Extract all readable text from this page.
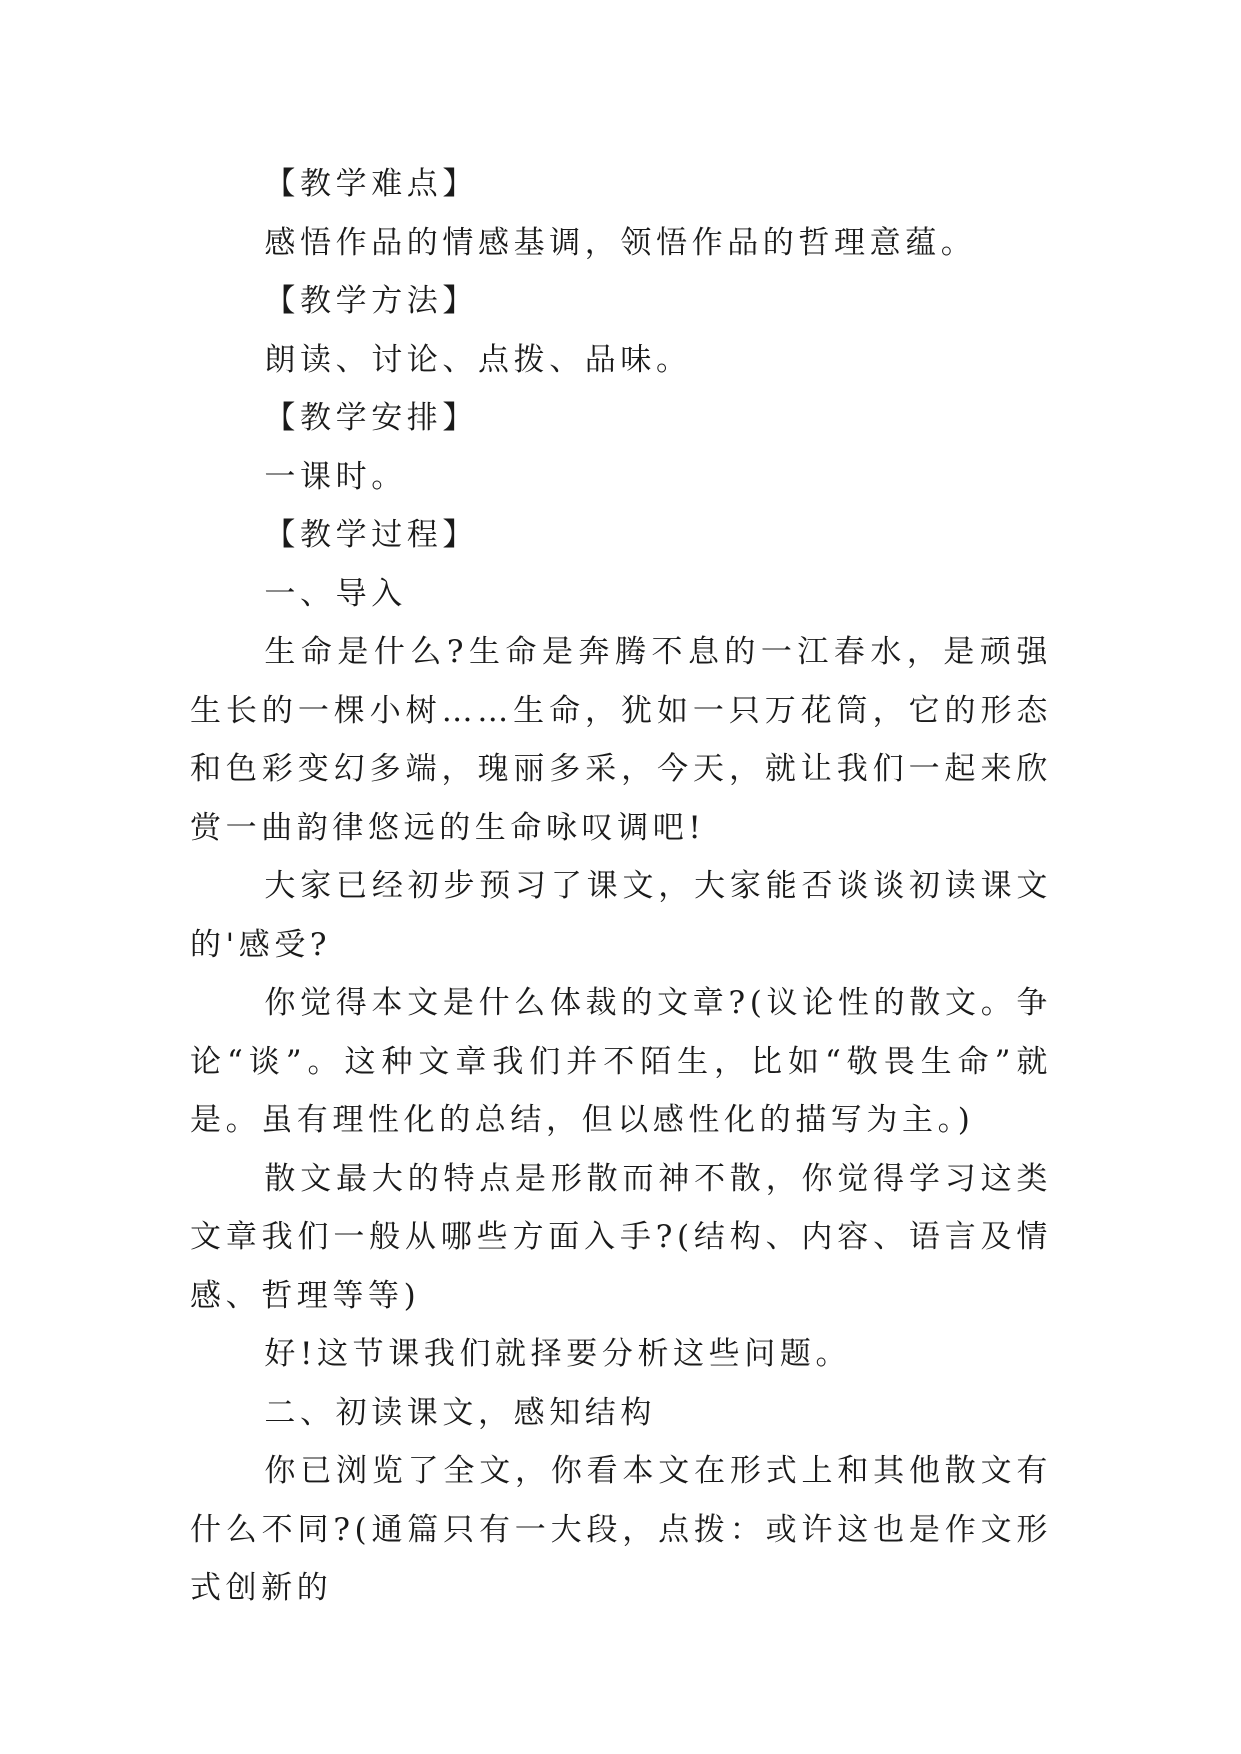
【教学难点】

感悟作品的情感基调，领悟作品的哲理意蕴。

【教学方法】

朗读、讨论、点拨、品味。

【教学安排】

一课时。

【教学过程】

一、导入

生命是什么?生命是奔腾不息的一江春水，是顽强生长的一棵小树……生命，犹如一只万花筒，它的形态和色彩变幻多端，瑰丽多采，今天，就让我们一起来欣赏一曲韵律悠远的生命咏叹调吧!

大家已经初步预习了课文，大家能否谈谈初读课文的'感受?

你觉得本文是什么体裁的文章?(议论性的散文。争论“谈”。这种文章我们并不陌生，比如“敬畏生命”就是。虽有理性化的总结，但以感性化的描写为主。)

散文最大的特点是形散而神不散，你觉得学习这类文章我们一般从哪些方面入手?(结构、内容、语言及情感、哲理等等)

好!这节课我们就择要分析这些问题。

二、初读课文，感知结构

你已浏览了全文，你看本文在形式上和其他散文有什么不同?(通篇只有一大段，点拨：或许这也是作文形式创新的
